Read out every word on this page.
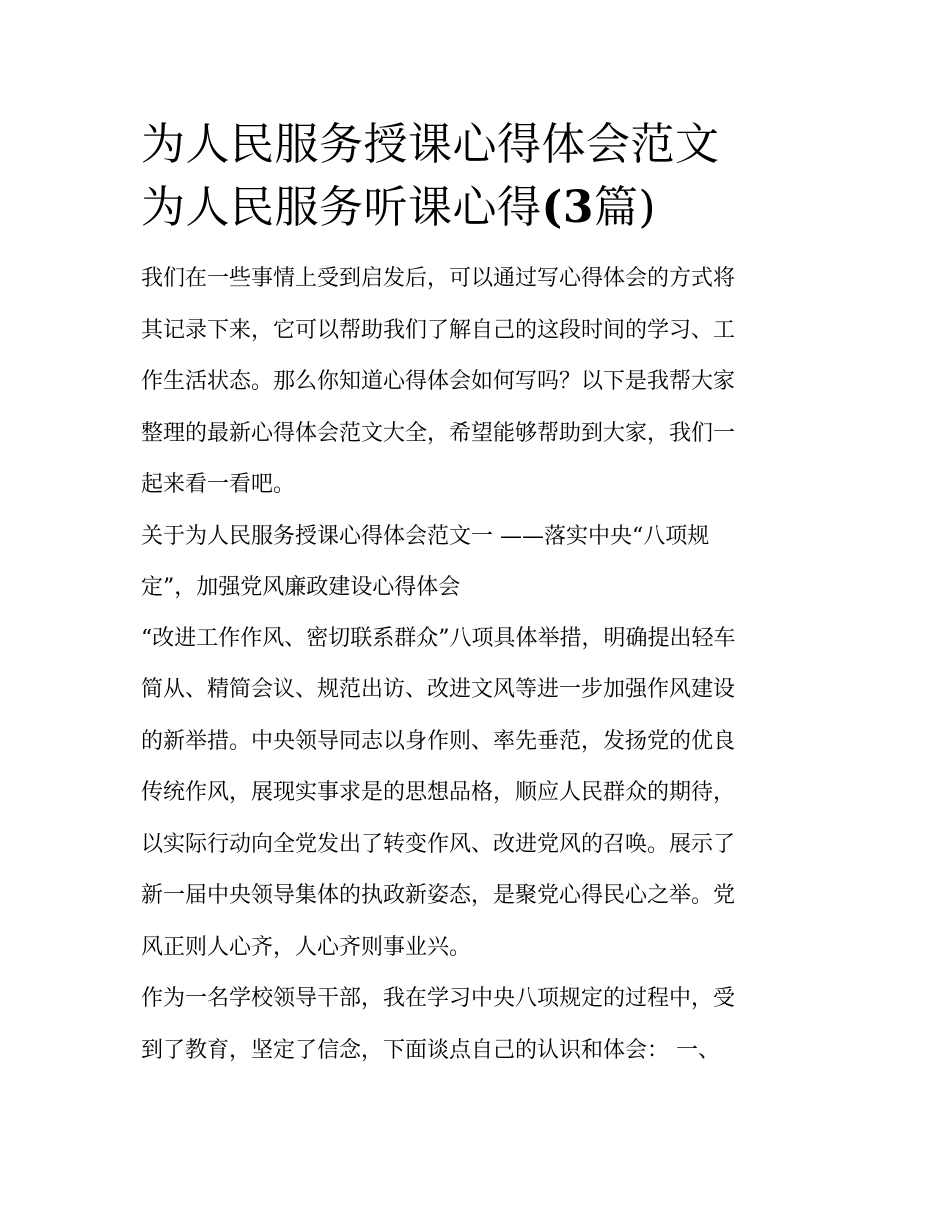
为人民服务授课心得体会范文
为人民服务听课心得(3篇)

我们在一些事情上受到启发后，可以通过写心得体会的方式将
其记录下来，它可以帮助我们了解自己的这段时间的学习、工
作生活状态。那么你知道心得体会如何写吗？以下是我帮大家
整理的最新心得体会范文大全，希望能够帮助到大家，我们一
起来看一看吧。

关于为人民服务授课心得体会范文一 ——落实中央“八项规
定”，加强党风廉政建设心得体会

“改进工作作风、密切联系群众”八项具体举措，明确提出轻车
简从、精简会议、规范出访、改进文风等进一步加强作风建设
的新举措。中央领导同志以身作则、率先垂范，发扬党的优良
传统作风，展现实事求是的思想品格，顺应人民群众的期待，
以实际行动向全党发出了转变作风、改进党风的召唤。展示了
新一届中央领导集体的执政新姿态，是聚党心得民心之举。党
风正则人心齐，人心齐则事业兴。

作为一名学校领导干部，我在学习中央八项规定的过程中，受
到了教育，坚定了信念，下面谈点自己的认识和体会： 一、
